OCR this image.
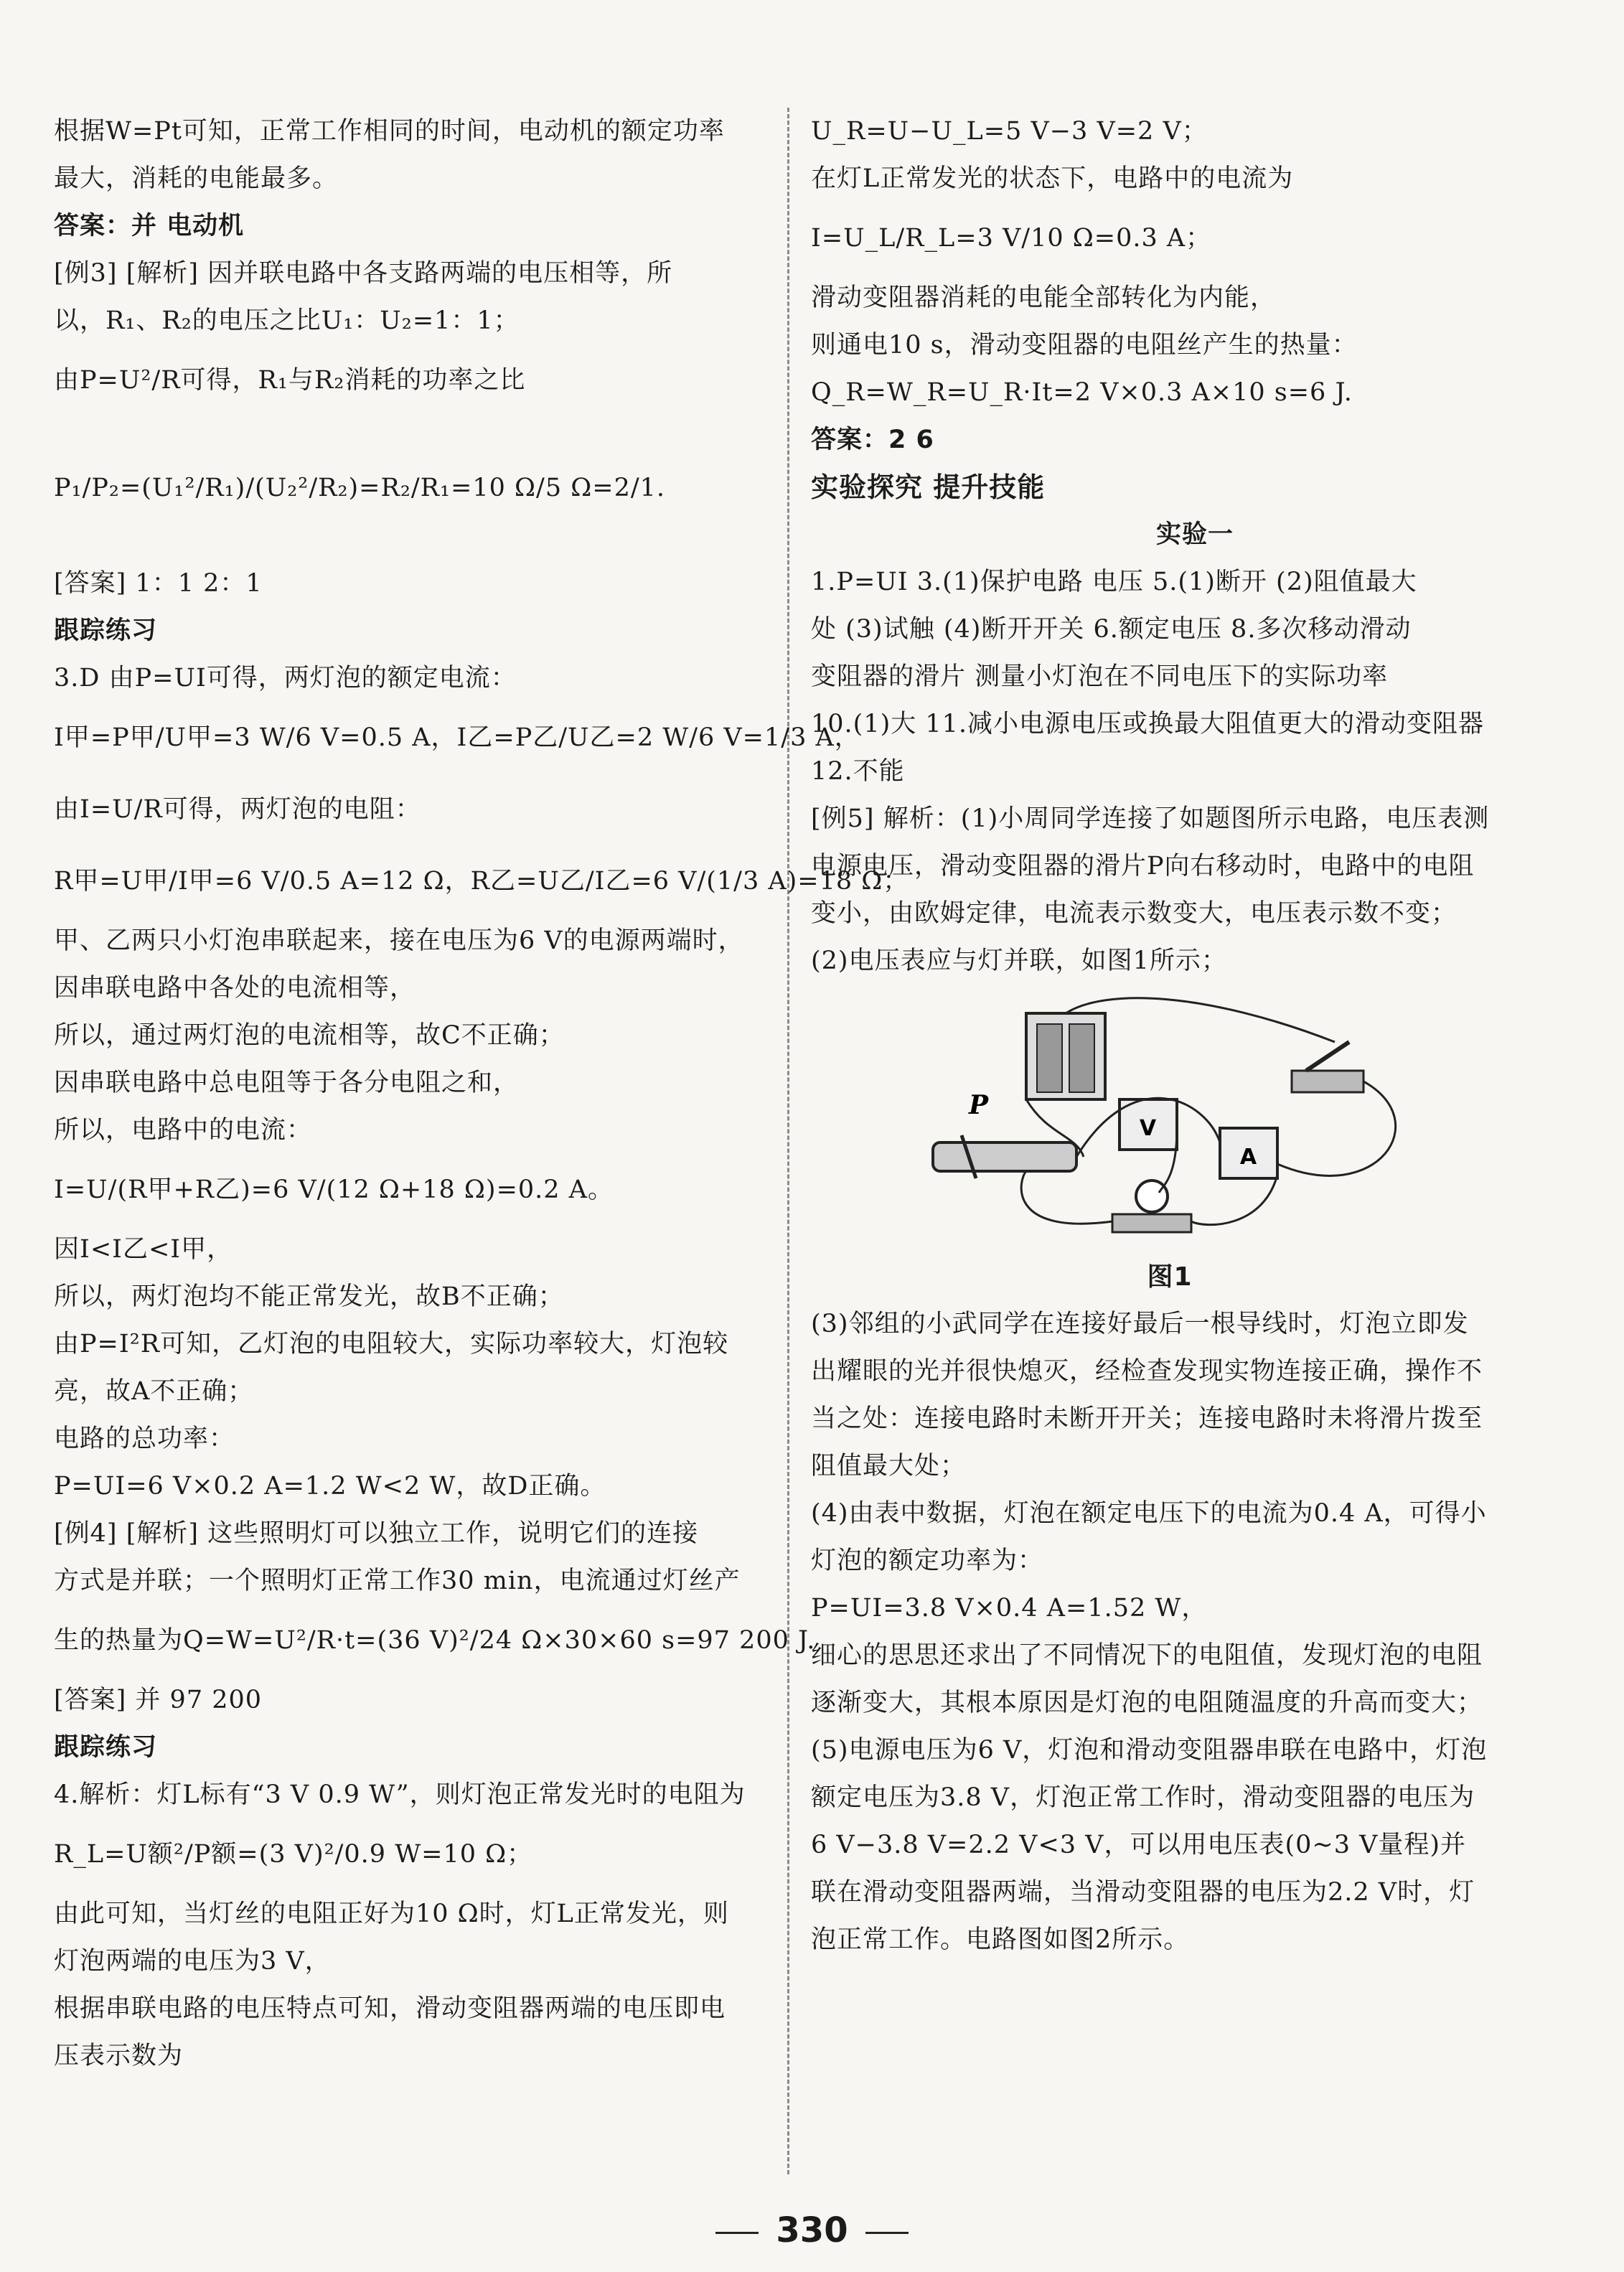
根据W=Pt可知，正常工作相同的时间，电动机的额定功率
最大，消耗的电能最多。
答案：并 电动机
[例3] [解析] 因并联电路中各支路两端的电压相等，所
以，R₁、R₂的电压之比U₁：U₂=1：1；
由P=U²/R可得，R₁与R₂消耗的功率之比
P₁/P₂=(U₁²/R₁)/(U₂²/R₂)=R₂/R₁=10 Ω/5 Ω=2/1.
[答案] 1：1 2：1
跟踪练习
3.D 由P=UI可得，两灯泡的额定电流：
I甲=P甲/U甲=3 W/6 V=0.5 A，I乙=P乙/U乙=2 W/6 V=1/3 A，
由I=U/R可得，两灯泡的电阻：
R甲=U甲/I甲=6 V/0.5 A=12 Ω，R乙=U乙/I乙=6 V/(1/3 A)=18 Ω；
甲、乙两只小灯泡串联起来，接在电压为6 V的电源两端时，
因串联电路中各处的电流相等，
所以，通过两灯泡的电流相等，故C不正确；
因串联电路中总电阻等于各分电阻之和，
所以，电路中的电流：
I=U/(R甲+R乙)=6 V/(12 Ω+18 Ω)=0.2 A。
因I<I乙<I甲，
所以，两灯泡均不能正常发光，故B不正确；
由P=I²R可知，乙灯泡的电阻较大，实际功率较大，灯泡较
亮，故A不正确；
电路的总功率：
P=UI=6 V×0.2 A=1.2 W<2 W，故D正确。
[例4] [解析] 这些照明灯可以独立工作，说明它们的连接
方式是并联；一个照明灯正常工作30 min，电流通过灯丝产
生的热量为Q=W=U²/R·t=(36 V)²/24 Ω×30×60 s=97 200 J.
[答案] 并 97 200
跟踪练习
4.解析：灯L标有“3 V 0.9 W”，则灯泡正常发光时的电阻为
R_L=U额²/P额=(3 V)²/0.9 W=10 Ω；
由此可知，当灯丝的电阻正好为10 Ω时，灯L正常发光，则
灯泡两端的电压为3 V，
根据串联电路的电压特点可知，滑动变阻器两端的电压即电
压表示数为
U_R=U−U_L=5 V−3 V=2 V；
在灯L正常发光的状态下，电路中的电流为
I=U_L/R_L=3 V/10 Ω=0.3 A；
滑动变阻器消耗的电能全部转化为内能，
则通电10 s，滑动变阻器的电阻丝产生的热量：
Q_R=W_R=U_R·It=2 V×0.3 A×10 s=6 J.
答案：2 6
实验探究 提升技能
实验一
1.P=UI 3.(1)保护电路 电压 5.(1)断开 (2)阻值最大
处 (3)试触 (4)断开开关 6.额定电压 8.多次移动滑动
变阻器的滑片 测量小灯泡在不同电压下的实际功率
10.(1)大 11.减小电源电压或换最大阻值更大的滑动变阻器
12.不能
[例5] 解析：(1)小周同学连接了如题图所示电路，电压表测
电源电压，滑动变阻器的滑片P向右移动时，电路中的电阻
变小，由欧姆定律，电流表示数变大，电压表示数不变；
(2)电压表应与灯并联，如图1所示；
V
A
P
图1
(3)邻组的小武同学在连接好最后一根导线时，灯泡立即发
出耀眼的光并很快熄灭，经检查发现实物连接正确，操作不
当之处：连接电路时未断开开关；连接电路时未将滑片拨至
阻值最大处；
(4)由表中数据，灯泡在额定电压下的电流为0.4 A，可得小
灯泡的额定功率为：
P=UI=3.8 V×0.4 A=1.52 W，
细心的思思还求出了不同情况下的电阻值，发现灯泡的电阻
逐渐变大，其根本原因是灯泡的电阻随温度的升高而变大；
(5)电源电压为6 V，灯泡和滑动变阻器串联在电路中，灯泡
额定电压为3.8 V，灯泡正常工作时，滑动变阻器的电压为
6 V−3.8 V=2.2 V<3 V，可以用电压表(0~3 V量程)并
联在滑动变阻器两端，当滑动变阻器的电压为2.2 V时，灯
泡正常工作。电路图如图2所示。
330
